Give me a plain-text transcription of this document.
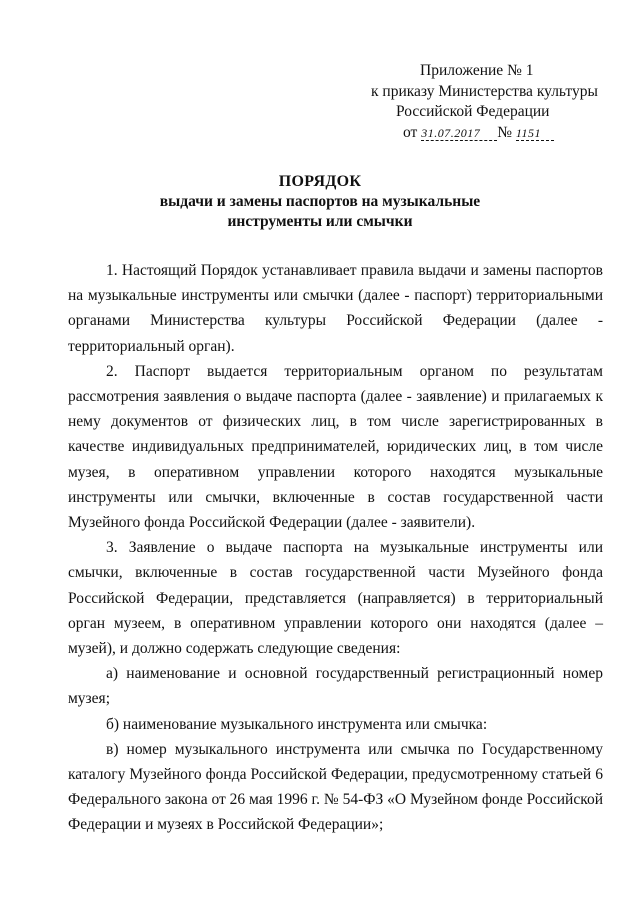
Приложение № 1
к приказу Министерства культуры
Российской Федерации
от 31.07.2017 № 1151
ПОРЯДОК
выдачи и замены паспортов на музыкальные
инструменты или смычки

1. Настоящий Порядок устанавливает правила выдачи и замены паспортов на музыкальные инструменты или смычки (далее - паспорт) территориальными органами Министерства культуры Российской Федерации (далее - территориальный орган).

2. Паспорт выдается территориальным органом по результатам рассмотрения заявления о выдаче паспорта (далее - заявление) и прилагаемых к нему документов от физических лиц, в том числе зарегистрированных в качестве индивидуальных предпринимателей, юридических лиц, в том числе музея, в оперативном управлении которого находятся музыкальные инструменты или смычки, включенные в состав государственной части Музейного фонда Российской Федерации (далее - заявители).

3. Заявление о выдаче паспорта на музыкальные инструменты или смычки, включенные в состав государственной части Музейного фонда Российской Федерации, представляется (направляется) в территориальный орган музеем, в оперативном управлении которого они находятся (далее – музей), и должно содержать следующие сведения:

а) наименование и основной государственный регистрационный номер музея;

б) наименование музыкального инструмента или смычка:

в) номер музыкального инструмента или смычка по Государственному каталогу Музейного фонда Российской Федерации, предусмотренному статьей 6 Федерального закона от 26 мая 1996 г. № 54-ФЗ «О Музейном фонде Российской Федерации и музеях в Российской Федерации»;
